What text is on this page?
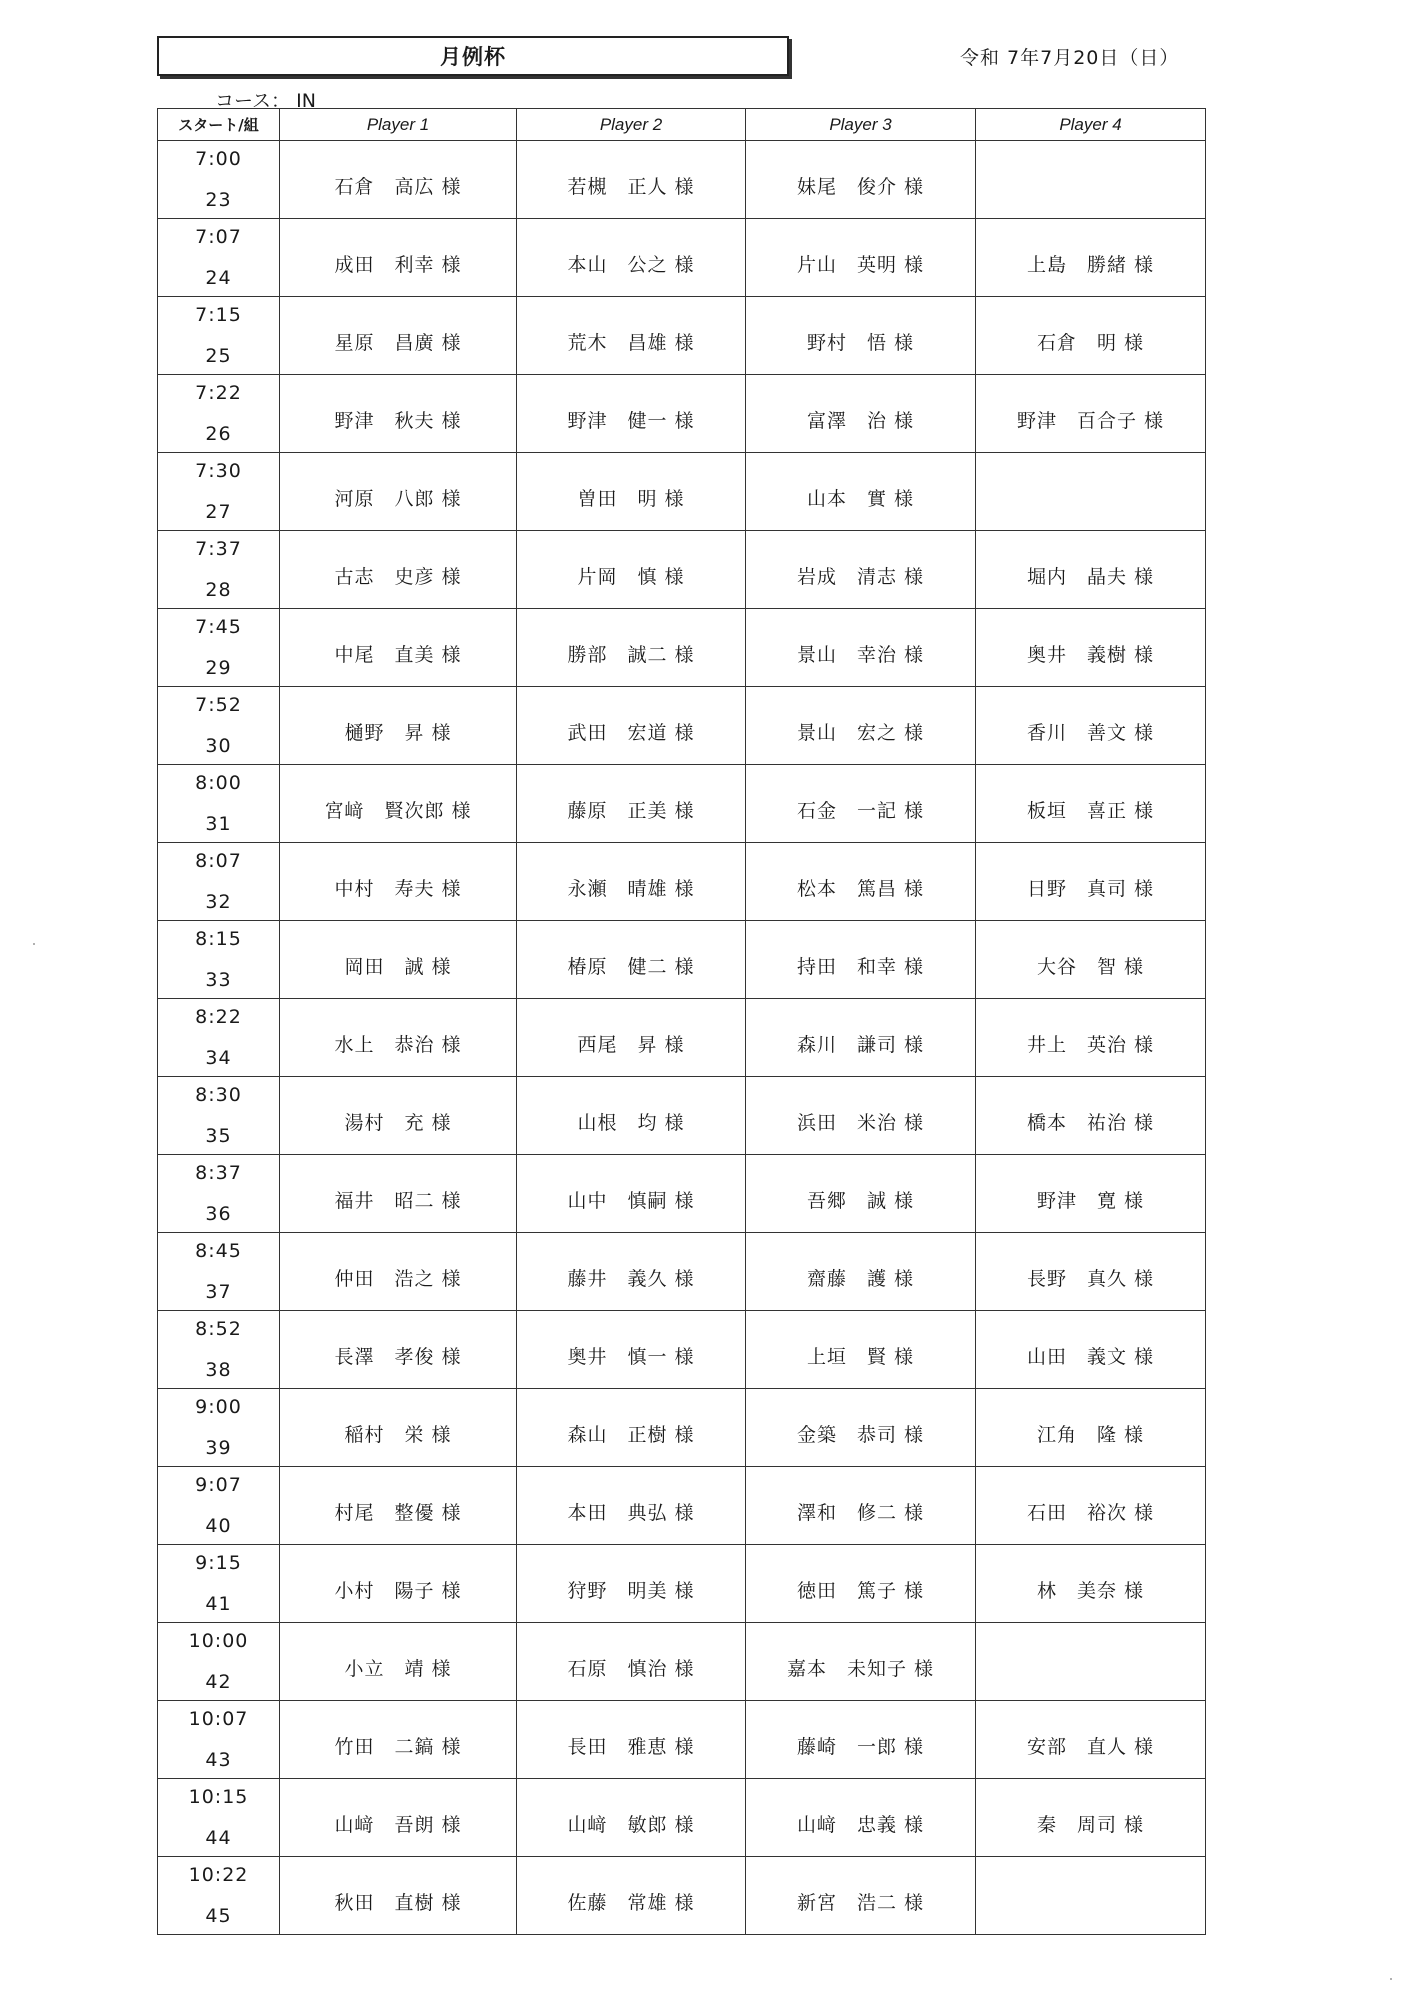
月例杯	令和 7年7月20日（日）
コース： IN
スタート/組	Player 1	Player 2	Player 3	Player 4

7:00
23	石倉　高広 様	若槻　正人 様	妹尾　俊介 様	

7:07
24	成田　利幸 様	本山　公之 様	片山　英明 様	上島　勝緒 様

7:15
25	星原　昌廣 様	荒木　昌雄 様	野村　悟 様	石倉　明 様

7:22
26	野津　秋夫 様	野津　健一 様	富澤　治 様	野津　百合子 様

7:30
27	河原　八郎 様	曽田　明 様	山本　實 様	

7:37
28	古志　史彦 様	片岡　慎 様	岩成　清志 様	堀内　晶夫 様

7:45
29	中尾　直美 様	勝部　誠二 様	景山　幸治 様	奥井　義樹 様

7:52
30	樋野　昇 様	武田　宏道 様	景山　宏之 様	香川　善文 様

8:00
31	宮﨑　賢次郎 様	藤原　正美 様	石金　一記 様	板垣　喜正 様

8:07
32	中村　寿夫 様	永瀬　晴雄 様	松本　篤昌 様	日野　真司 様

8:15
33	岡田　誠 様	椿原　健二 様	持田　和幸 様	大谷　智 様

8:22
34	水上　恭治 様	西尾　昇 様	森川　謙司 様	井上　英治 様

8:30
35	湯村　充 様	山根　均 様	浜田　米治 様	橋本　祐治 様

8:37
36	福井　昭二 様	山中　慎嗣 様	吾郷　誠 様	野津　寛 様

8:45
37	仲田　浩之 様	藤井　義久 様	齋藤　護 様	長野　真久 様

8:52
38	長澤　孝俊 様	奥井　慎一 様	上垣　賢 様	山田　義文 様

9:00
39	稲村　栄 様	森山　正樹 様	金築　恭司 様	江角　隆 様

9:07
40	村尾　整優 様	本田　典弘 様	澤和　修二 様	石田　裕次 様

9:15
41	小村　陽子 様	狩野　明美 様	徳田　篤子 様	林　美奈 様

10:00
42	小立　靖 様	石原　慎治 様	嘉本　未知子 様	

10:07
43	竹田　二鎬 様	長田　雅恵 様	藤崎　一郎 様	安部　直人 様

10:15
44	山﨑　吾朗 様	山﨑　敏郎 様	山﨑　忠義 様	秦　周司 様

10:22
45	秋田　直樹 様	佐藤　常雄 様	新宮　浩二 様	
